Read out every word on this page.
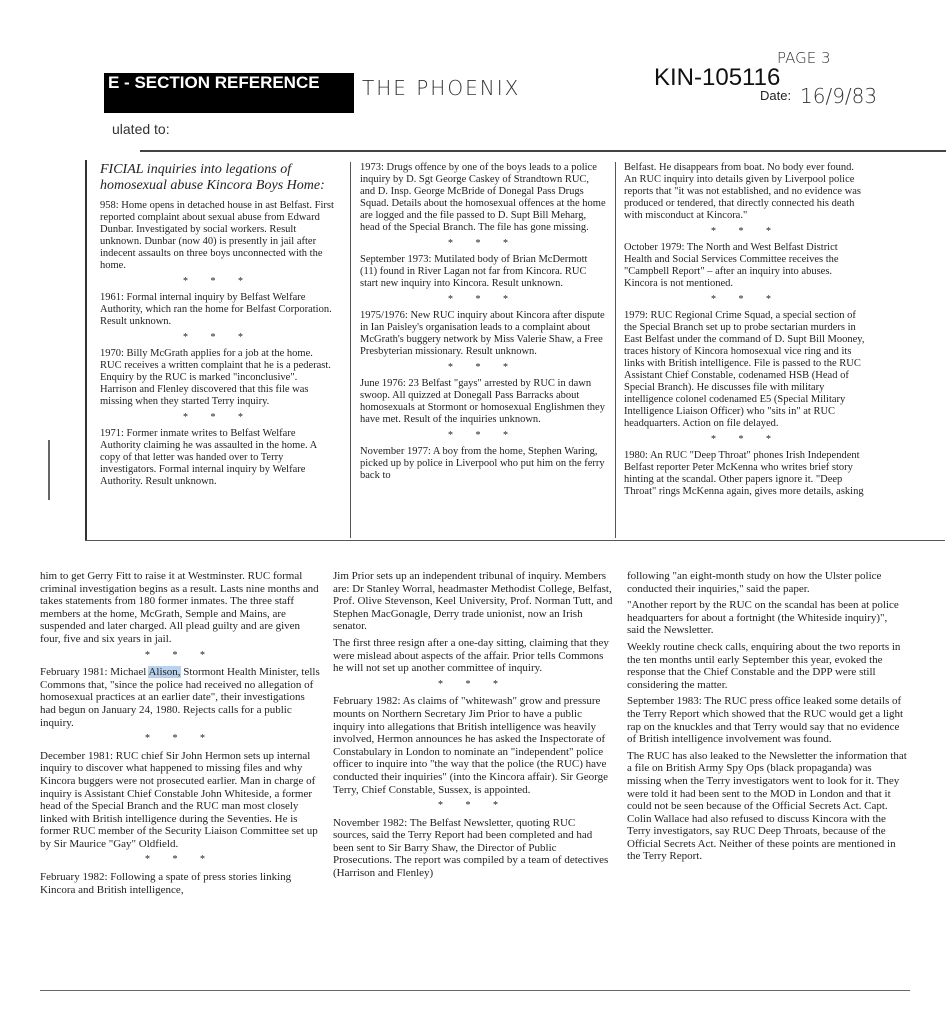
E - SECTION REFERENCE	THE PHOENIX	KIN-105116
PAGE 3
Date: 16/9/83
ulated to:

FICIAL inquiries into legations of homosexual abuse Kincora Boys Home:

958: Home opens in detached house in ast Belfast. First reported complaint about sexual abuse from Edward Dunbar. Investigated by social workers. Result unknown. Dunbar (now 40) is presently in jail after indecent assaults on three boys unconnected with the home.

* * *

1961: Formal internal inquiry by Belfast Welfare Authority, which ran the home for Belfast Corporation. Result unknown.

* * *

1970: Billy McGrath applies for a job at the home. RUC receives a written complaint that he is a pederast. Enquiry by the RUC is marked "inconclusive". Harrison and Flenley discovered that this file was missing when they started Terry inquiry.

* * *

1971: Former inmate writes to Belfast Welfare Authority claiming he was assaulted in the home. A copy of that letter was handed over to Terry investigators. Formal internal inquiry by Welfare Authority. Result unknown.

1973: Drugs offence by one of the boys leads to a police inquiry by D. Sgt George Caskey of Strandtown RUC, and D. Insp. George McBride of Donegal Pass Drugs Squad. Details about the homosexual offences at the home are logged and the file passed to D. Supt Bill Meharg, head of the Special Branch. The file has gone missing.

* * *

September 1973: Mutilated body of Brian McDermott (11) found in River Lagan not far from Kincora. RUC start new inquiry into Kincora. Result unknown.

* * *

1975/1976: New RUC inquiry about Kincora after dispute in Ian Paisley's organisation leads to a complaint about McGrath's buggery network by Miss Valerie Shaw, a Free Presbyterian missionary. Result unknown.

* * *

June 1976: 23 Belfast "gays" arrested by RUC in dawn swoop. All quizzed at Donegall Pass Barracks about homosexuals at Stormont or homosexual Englishmen they have met. Result of the inquiries unknown.

* * *

November 1977: A boy from the home, Stephen Waring, picked up by police in Liverpool who put him on the ferry back to

Belfast. He disappears from boat. No body ever found. An RUC inquiry into details given by Liverpool police reports that "it was not established, and no evidence was produced or tendered, that directly connected his death with misconduct at Kincora."

* * *

October 1979: The North and West Belfast District Health and Social Services Committee receives the "Campbell Report" – after an inquiry into abuses. Kincora is not mentioned.

* * *

1979: RUC Regional Crime Squad, a special section of the Special Branch set up to probe sectarian murders in East Belfast under the command of D. Supt Bill Mooney, traces history of Kincora homosexual vice ring and its links with British intelligence. File is passed to the RUC Assistant Chief Constable, codenamed HSB (Head of Special Branch). He discusses file with military intelligence colonel codenamed E5 (Special Military Intelligence Liaison Officer) who "sits in" at RUC headquarters. Action on file delayed.

* * *

1980: An RUC "Deep Throat" phones Irish Independent Belfast reporter Peter McKenna who writes brief story hinting at the scandal. Other papers ignore it. "Deep Throat" rings McKenna again, gives more details, asking

him to get Gerry Fitt to raise it at Westminster. RUC formal criminal investigation begins as a result. Lasts nine months and takes statements from 180 former inmates. The three staff members at the home, McGrath, Semple and Mains, are suspended and later charged. All plead guilty and are given four, five and six years in jail.

* * *

February 1981: Michael Alison, Stormont Health Minister, tells Commons that, "since the police had received no allegation of homosexual practices at an earlier date", their investigations had begun on January 24, 1980. Rejects calls for a public inquiry.

* * *

December 1981: RUC chief Sir John Hermon sets up internal inquiry to discover what happened to missing files and why Kincora buggers were not prosecuted earlier. Man in charge of inquiry is Assistant Chief Constable John Whiteside, a former head of the Special Branch and the RUC man most closely linked with British intelligence during the Seventies. He is former RUC member of the Security Liaison Committee set up by Sir Maurice "Gay" Oldfield.

* * *

February 1982: Following a spate of press stories linking Kincora and British intelligence,

Jim Prior sets up an independent tribunal of inquiry. Members are: Dr Stanley Worral, headmaster Methodist College, Belfast, Prof. Olive Stevenson, Keel University, Prof. Norman Tutt, and Stephen MacGonagle, Derry trade unionist, now an Irish senator.

The first three resign after a one-day sitting, claiming that they were mislead about aspects of the affair. Prior tells Commons he will not set up another committee of inquiry.

* * *

February 1982: As claims of "whitewash" grow and pressure mounts on Northern Secretary Jim Prior to have a public inquiry into allegations that British intelligence was heavily involved, Hermon announces he has asked the Inspectorate of Constabulary in London to nominate an "independent" police officer to inquire into "the way that the police (the RUC) have conducted their inquiries" (into the Kincora affair). Sir George Terry, Chief Constable, Sussex, is appointed.

* * *

November 1982: The Belfast Newsletter, quoting RUC sources, said the Terry Report had been completed and had been sent to Sir Barry Shaw, the Director of Public Prosecutions. The report was compiled by a team of detectives (Harrison and Flenley)

following "an eight-month study on how the Ulster police conducted their inquiries," said the paper.

"Another report by the RUC on the scandal has been at police headquarters for about a fortnight (the Whiteside inquiry)", said the Newsletter.

Weekly routine check calls, enquiring about the two reports in the ten months until early September this year, evoked the response that the Chief Constable and the DPP were still considering the matter.

September 1983: The RUC press office leaked some details of the Terry Report which showed that the RUC would get a light rap on the knuckles and that Terry would say that no evidence of British intelligence involvement was found.

The RUC has also leaked to the Newsletter the information that a file on British Army Spy Ops (black propaganda) was missing when the Terry investigators went to look for it. They were told it had been sent to the MOD in London and that it could not be seen because of the Official Secrets Act. Capt. Colin Wallace had also refused to discuss Kincora with the Terry investigators, say RUC Deep Throats, because of the Official Secrets Act. Neither of these points are mentioned in the Terry Report.
